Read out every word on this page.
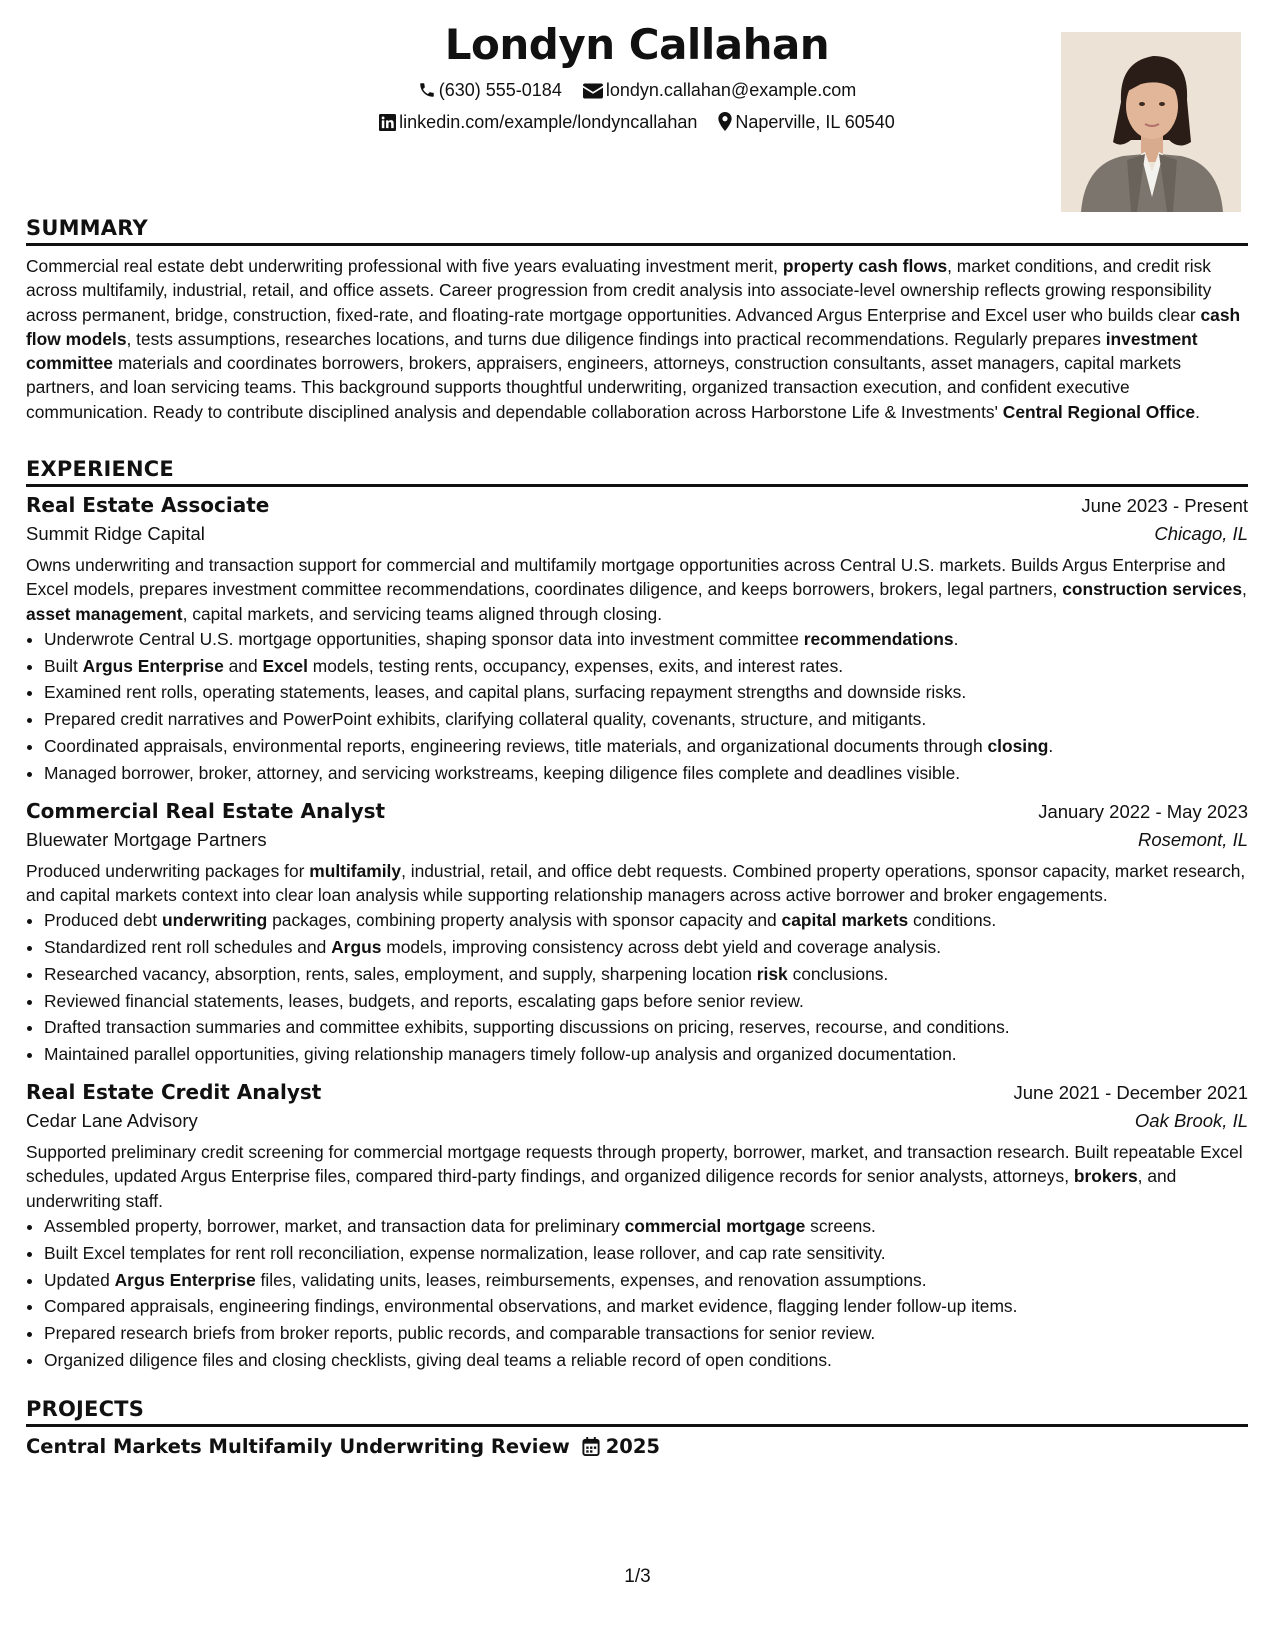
Londyn Callahan
(630) 555-0184 londyn.callahan@example.com
linkedin.com/example/londyncallahan Naperville, IL 60540
SUMMARY
Commercial real estate debt underwriting professional with five years evaluating investment merit, property cash flows, market conditions, and credit risk across multifamily, industrial, retail, and office assets. Career progression from credit analysis into associate-level ownership reflects growing responsibility across permanent, bridge, construction, fixed-rate, and floating-rate mortgage opportunities. Advanced Argus Enterprise and Excel user who builds clear cash flow models, tests assumptions, researches locations, and turns due diligence findings into practical recommendations. Regularly prepares investment committee materials and coordinates borrowers, brokers, appraisers, engineers, attorneys, construction consultants, asset managers, capital markets partners, and loan servicing teams. This background supports thoughtful underwriting, organized transaction execution, and confident executive communication. Ready to contribute disciplined analysis and dependable collaboration across Harborstone Life & Investments' Central Regional Office.
EXPERIENCE
Real Estate Associate	June 2023 - Present
Summit Ridge Capital	Chicago, IL
Owns underwriting and transaction support for commercial and multifamily mortgage opportunities across Central U.S. markets. Builds Argus Enterprise and Excel models, prepares investment committee recommendations, coordinates diligence, and keeps borrowers, brokers, legal partners, construction services, asset management, capital markets, and servicing teams aligned through closing.
• Underwrote Central U.S. mortgage opportunities, shaping sponsor data into investment committee recommendations.
• Built Argus Enterprise and Excel models, testing rents, occupancy, expenses, exits, and interest rates.
• Examined rent rolls, operating statements, leases, and capital plans, surfacing repayment strengths and downside risks.
• Prepared credit narratives and PowerPoint exhibits, clarifying collateral quality, covenants, structure, and mitigants.
• Coordinated appraisals, environmental reports, engineering reviews, title materials, and organizational documents through closing.
• Managed borrower, broker, attorney, and servicing workstreams, keeping diligence files complete and deadlines visible.
Commercial Real Estate Analyst	January 2022 - May 2023
Bluewater Mortgage Partners	Rosemont, IL
Produced underwriting packages for multifamily, industrial, retail, and office debt requests. Combined property operations, sponsor capacity, market research, and capital markets context into clear loan analysis while supporting relationship managers across active borrower and broker engagements.
• Produced debt underwriting packages, combining property analysis with sponsor capacity and capital markets conditions.
• Standardized rent roll schedules and Argus models, improving consistency across debt yield and coverage analysis.
• Researched vacancy, absorption, rents, sales, employment, and supply, sharpening location risk conclusions.
• Reviewed financial statements, leases, budgets, and reports, escalating gaps before senior review.
• Drafted transaction summaries and committee exhibits, supporting discussions on pricing, reserves, recourse, and conditions.
• Maintained parallel opportunities, giving relationship managers timely follow-up analysis and organized documentation.
Real Estate Credit Analyst	June 2021 - December 2021
Cedar Lane Advisory	Oak Brook, IL
Supported preliminary credit screening for commercial mortgage requests through property, borrower, market, and transaction research. Built repeatable Excel schedules, updated Argus Enterprise files, compared third-party findings, and organized diligence records for senior analysts, attorneys, brokers, and underwriting staff.
• Assembled property, borrower, market, and transaction data for preliminary commercial mortgage screens.
• Built Excel templates for rent roll reconciliation, expense normalization, lease rollover, and cap rate sensitivity.
• Updated Argus Enterprise files, validating units, leases, reimbursements, expenses, and renovation assumptions.
• Compared appraisals, engineering findings, environmental observations, and market evidence, flagging lender follow-up items.
• Prepared research briefs from broker reports, public records, and comparable transactions for senior review.
• Organized diligence files and closing checklists, giving deal teams a reliable record of open conditions.
PROJECTS
Central Markets Multifamily Underwriting Review 2025
1/3
